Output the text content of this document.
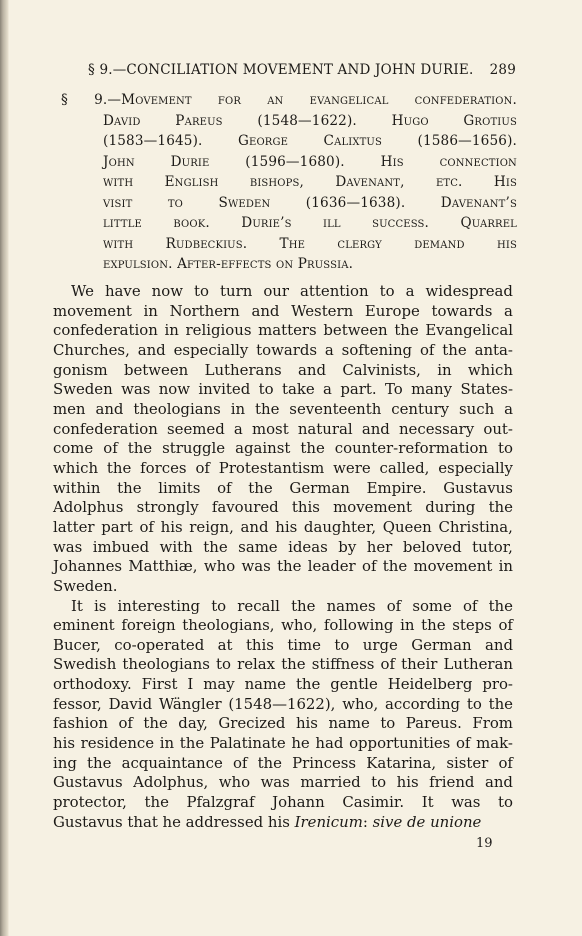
§ 9.—CONCILIATION MOVEMENT AND JOHN DURIE. 289
§ 9.—Movement for an evangelical confederation.
David	Pareus	(1548—1622).	Hugo	Grotius
(1583—1645).	George	Calixtus	(1586—1656).
John	Durie	(1596—1680).	His	connection
with English bishops, Davenant, etc. His
visit	to	Sweden	(1636—1638).	Davenant’s
little book. Durie’s ill success. Quarrel
with Rudbeckius. The clergy demand his
expulsion. After-effects on Prussia.
We have now to turn our attention to a widespread
movement in Northern and Western Europe towards a
confederation in religious matters between the Evangelical
Churches, and especially towards a softening of the anta-
gonism between Lutherans and Calvinists, in which
Sweden was now invited to take a part. To many States-
men and theologians in the seventeenth century such a
confederation seemed a most natural and necessary out-
come of the struggle against the counter-reformation to
which the forces of Protestantism were called, especially
within the limits of the German Empire. Gustavus
Adolphus strongly favoured this movement during the
latter part of his reign, and his daughter, Queen Christina,
was imbued with the same ideas by her beloved tutor,
Johannes Matthiæ, who was the leader of the movement in
Sweden.
It is interesting to recall the names of some of the
eminent foreign theologians, who, following in the steps of
Bucer, co-operated at this time to urge German and
Swedish theologians to relax the stiffness of their Lutheran
orthodoxy. First I may name the gentle Heidelberg pro-
fessor, David Wängler (1548—1622), who, according to the
fashion of the day, Grecized his name to Pareus. From
his residence in the Palatinate he had opportunities of mak-
ing the acquaintance of the Princess Katarina, sister of
Gustavus Adolphus, who was married to his friend and
protector, the Pfalzgraf Johann Casimir. It was to
Gustavus that he addressed his Irenicum : sive de unione
19
